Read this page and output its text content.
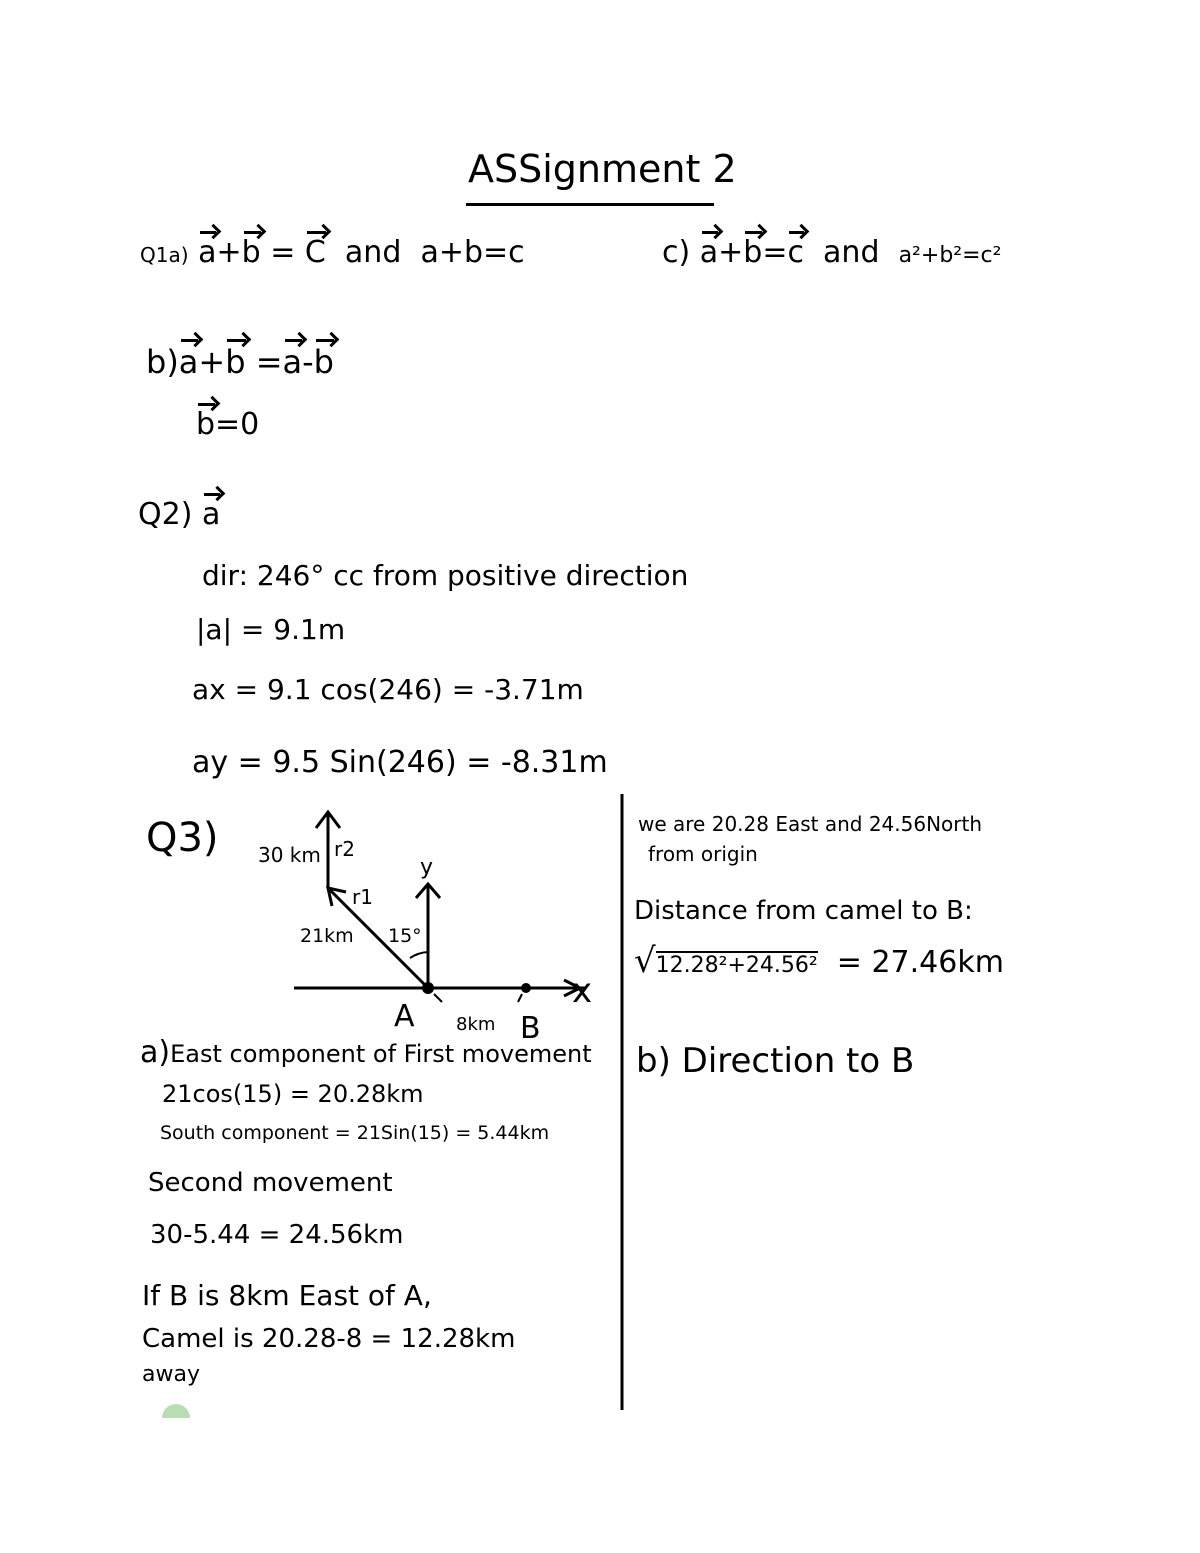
ASSignment 2
Q1a) a+b = C and a+b=c	c) a+b=c and a²+b²=c²
b)a+b =a-b
b=0
Q2) a
dir: 246° cc from positive direction
|a| = 9.1m
ax = 9.1 cos(246) = -3.71m
ay = 9.5 Sin(246) = -8.31m
Q3) 30 km r2
r1
21km 15°
y
x
A	B
8km
a)East component of First movement
21cos(15) = 20.28km
South component = 21Sin(15) = 5.44km
Second movement
30-5.44 = 24.56km
If B is 8km East of A,
Camel is 20.28-8 = 12.28km
away
we are 20.28 East and 24.56North
from origin
Distance from camel to B:
√12.28²+24.56² = 27.46km
b) Direction to B
